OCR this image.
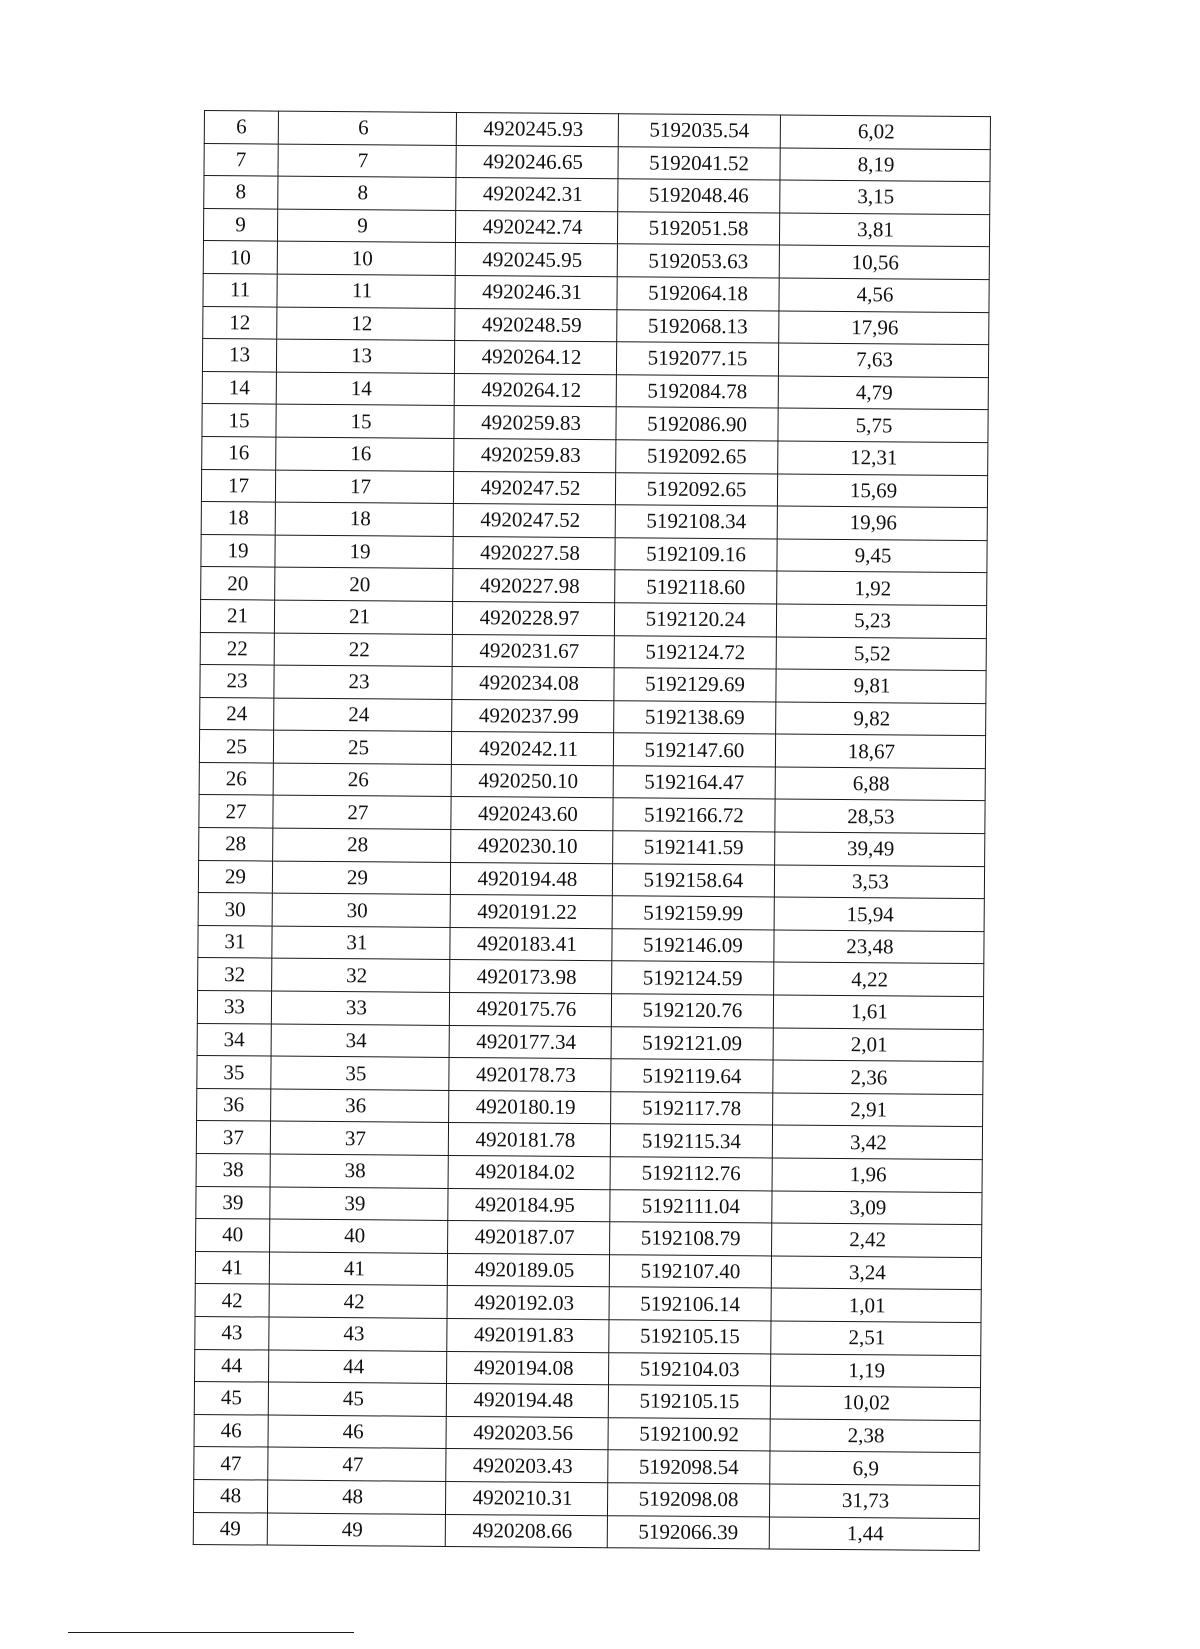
6	6	4920245.93	5192035.54	6,02
7	7	4920246.65	5192041.52	8,19
8	8	4920242.31	5192048.46	3,15
9	9	4920242.74	5192051.58	3,81
10	10	4920245.95	5192053.63	10,56
11	11	4920246.31	5192064.18	4,56
12	12	4920248.59	5192068.13	17,96
13	13	4920264.12	5192077.15	7,63
14	14	4920264.12	5192084.78	4,79
15	15	4920259.83	5192086.90	5,75
16	16	4920259.83	5192092.65	12,31
17	17	4920247.52	5192092.65	15,69
18	18	4920247.52	5192108.34	19,96
19	19	4920227.58	5192109.16	9,45
20	20	4920227.98	5192118.60	1,92
21	21	4920228.97	5192120.24	5,23
22	22	4920231.67	5192124.72	5,52
23	23	4920234.08	5192129.69	9,81
24	24	4920237.99	5192138.69	9,82
25	25	4920242.11	5192147.60	18,67
26	26	4920250.10	5192164.47	6,88
27	27	4920243.60	5192166.72	28,53
28	28	4920230.10	5192141.59	39,49
29	29	4920194.48	5192158.64	3,53
30	30	4920191.22	5192159.99	15,94
31	31	4920183.41	5192146.09	23,48
32	32	4920173.98	5192124.59	4,22
33	33	4920175.76	5192120.76	1,61
34	34	4920177.34	5192121.09	2,01
35	35	4920178.73	5192119.64	2,36
36	36	4920180.19	5192117.78	2,91
37	37	4920181.78	5192115.34	3,42
38	38	4920184.02	5192112.76	1,96
39	39	4920184.95	5192111.04	3,09
40	40	4920187.07	5192108.79	2,42
41	41	4920189.05	5192107.40	3,24
42	42	4920192.03	5192106.14	1,01
43	43	4920191.83	5192105.15	2,51
44	44	4920194.08	5192104.03	1,19
45	45	4920194.48	5192105.15	10,02
46	46	4920203.56	5192100.92	2,38
47	47	4920203.43	5192098.54	6,9
48	48	4920210.31	5192098.08	31,73
49	49	4920208.66	5192066.39	1,44
